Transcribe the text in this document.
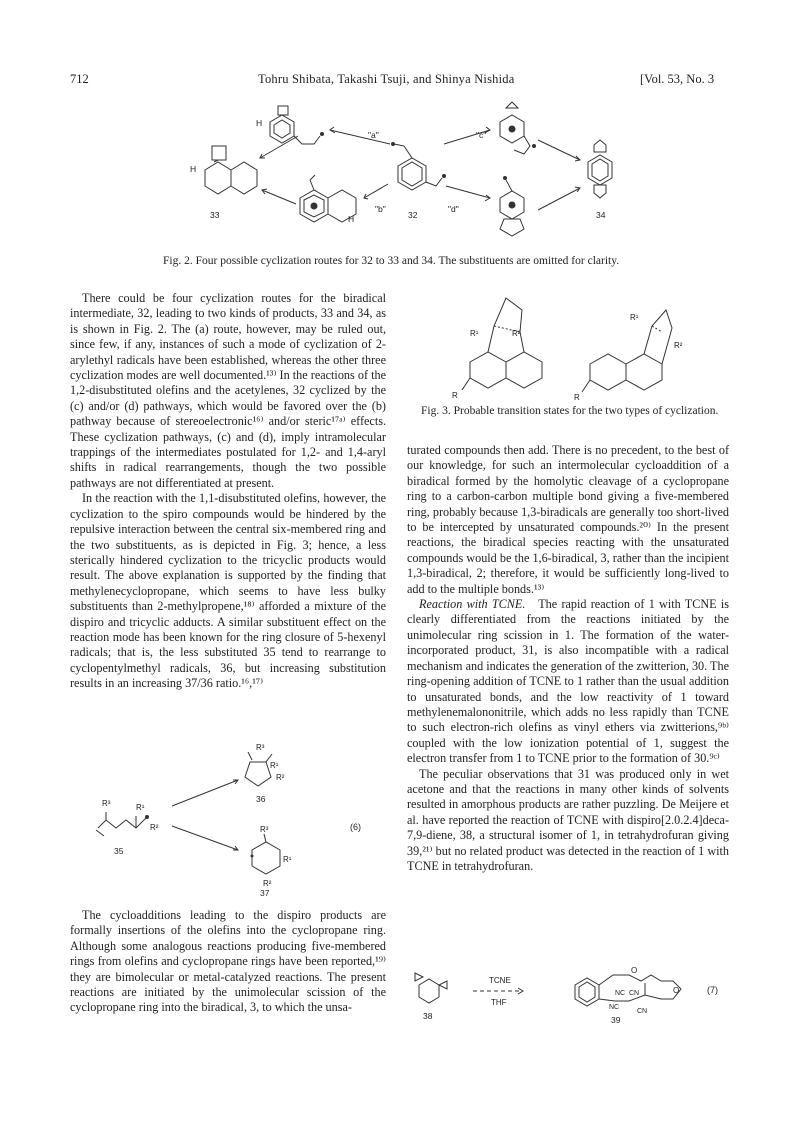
712	Tohru Shibata, Takashi Tsuji, and Shinya Nishida	[Vol. 53, No. 3
"a"
"b"
"c"
"d"
H
H
H
33	32	34
Fig. 2. Four possible cyclization routes for 32 to 33 and 34. The substituents are omitted for clarity.

There could be four cyclization routes for the biradical intermediate, 32, leading to two kinds of products, 33 and 34, as is shown in Fig. 2. The (a) route, however, may be ruled out, since few, if any, instances of such a mode of cyclization of 2-arylethyl radicals have been established, whereas the other three cyclization modes are well documented.¹³⁾ In the reactions of the 1,2-disubstituted olefins and the acetylenes, 32 cyclized by the (c) and/or (d) pathways, which would be favored over the (b) pathway because of stereoelectronic¹⁶⁾ and/or steric¹⁷ᵃ⁾ effects. These cyclization pathways, (c) and (d), imply intramolecular trappings of the intermediates postulated for 1,2- and 1,4-aryl shifts in radical rearrangements, though the two possible pathways are not differentiated at present.

In the reaction with the 1,1-disubstituted olefins, however, the cyclization to the spiro compounds would be hindered by the repulsive interaction between the central six-membered ring and the two substituents, as is depicted in Fig. 3; hence, a less sterically hindered cyclization to the tricyclic products would result. The above explanation is supported by the finding that methylenecyclopropane, which seems to have less bulky substituents than 2-methylpropene,¹⁸⁾ afforded a mixture of the dispiro and tricyclic adducts. A similar substituent effect on the reaction mode has been known for the ring closure of 5-hexenyl radicals; that is, the less substituted 35 tend to rearrange to cyclopentylmethyl radicals, 36, but increasing substitution results in an increasing 37/36 ratio.¹⁶,¹⁷⁾

R³	R¹
R²
R³
R¹
R²
R³
R¹
R²
35
36
37
(6)

The cycloadditions leading to the dispiro products are formally insertions of the olefins into the cyclopropane ring. Although some analogous reactions producing five-membered rings from olefins and cyclopropane rings have been reported,¹⁹⁾ they are bimolecular or metal-catalyzed reactions. The present reactions are initiated by the unimolecular scission of the cyclopropane ring into the biradical, 3, to which the unsa-

R¹	R²
R
R¹
R²
R
Fig. 3. Probable transition states for the two types of cyclization.

turated compounds then add. There is no precedent, to the best of our knowledge, for such an intermolecular cycloaddition of a biradical formed by the homolytic cleavage of a cyclopropane ring to a carbon-carbon multiple bond giving a five-membered ring, probably because 1,3-biradicals are generally too short-lived to be intercepted by unsaturated compounds.²⁰⁾ In the present reactions, the biradical species reacting with the unsaturated compounds would be the 1,6-biradical, 3, rather than the incipient 1,3-biradical, 2; therefore, it would be sufficiently long-lived to add to the multiple bonds.¹³⁾

Reaction with TCNE. The rapid reaction of 1 with TCNE is clearly differentiated from the reactions initiated by the unimolecular ring scission in 1. The formation of the water-incorporated product, 31, is also incompatible with a radical mechanism and indicates the generation of the zwitterion, 30. The ring-opening addition of TCNE to 1 rather than the usual addition to unsaturated bonds, and the low reactivity of 1 toward methylenemalononitrile, which adds no less rapidly than TCNE to such electron-rich olefins as vinyl ethers via zwitterions,⁹ᵇ⁾ coupled with the low ionization potential of 1, suggest the electron transfer from 1 to TCNE prior to the formation of 30.⁹ᶜ⁾

The peculiar observations that 31 was produced only in wet acetone and that the reactions in many other kinds of solvents resulted in amorphous products are rather puzzling. De Meijere et al. have reported the reaction of TCNE with dispiro[2.0.2.4]deca-7,9-diene, 38, a structural isomer of 1, in tetrahydrofuran giving 39,²¹⁾ but no related product was detected in the reaction of 1 with TCNE in tetrahydrofuran.

TCNE
THF
O
O
NC CN
NC
CN
38	39
(7)
